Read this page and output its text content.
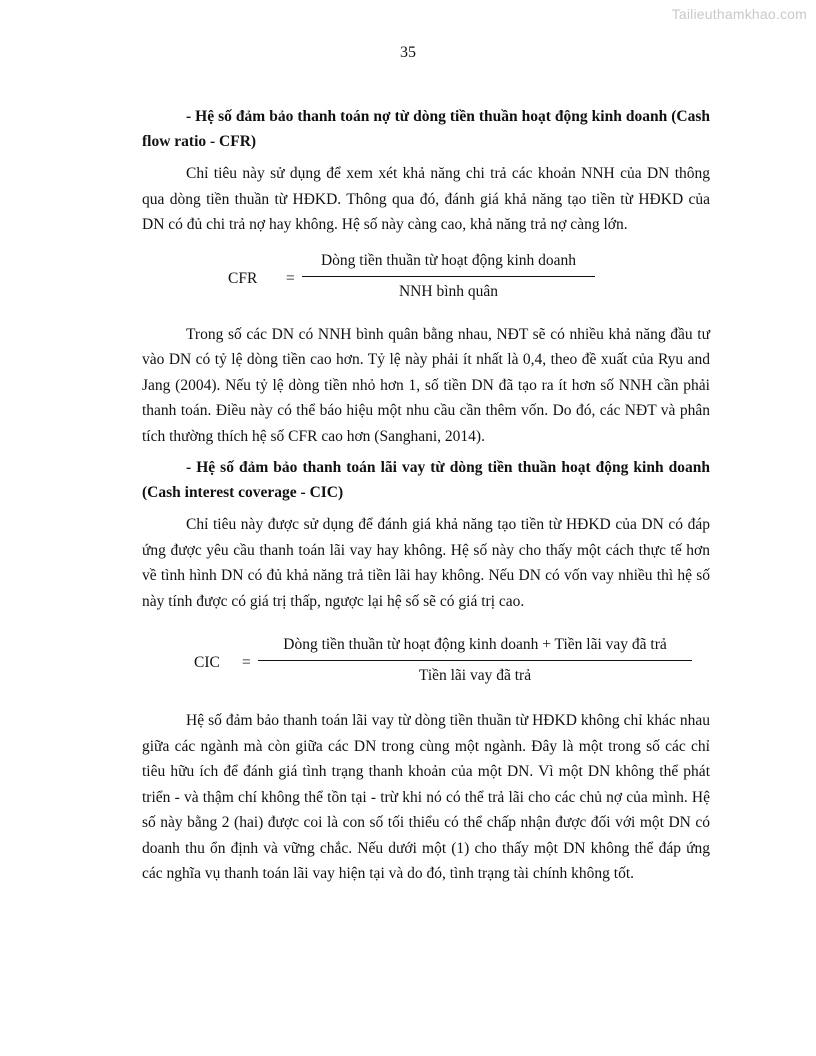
Tailieuthamkhao.com
35

- Hệ số đảm bảo thanh toán nợ từ dòng tiền thuần hoạt động kinh doanh (Cash flow ratio - CFR)

Chỉ tiêu này sử dụng để xem xét khả năng chi trả các khoản NNH của DN thông qua dòng tiền thuần từ HĐKD. Thông qua đó, đánh giá khả năng tạo tiền từ HĐKD của DN có đủ chi trả nợ hay không. Hệ số này càng cao, khả năng trả nợ càng lớn.

CFR =
Dòng tiền thuần từ hoạt động kinh doanh
NNH bình quân

Trong số các DN có NNH bình quân bằng nhau, NĐT sẽ có nhiều khả năng đầu tư vào DN có tỷ lệ dòng tiền cao hơn. Tỷ lệ này phải ít nhất là 0,4, theo đề xuất của Ryu and Jang (2004). Nếu tỷ lệ dòng tiền nhỏ hơn 1, số tiền DN đã tạo ra ít hơn số NNH cần phải thanh toán. Điều này có thể báo hiệu một nhu cầu cần thêm vốn. Do đó, các NĐT và phân tích thường thích hệ số CFR cao hơn (Sanghani, 2014).

- Hệ số đảm bảo thanh toán lãi vay từ dòng tiền thuần hoạt động kinh doanh (Cash interest coverage - CIC)

Chỉ tiêu này được sử dụng để đánh giá khả năng tạo tiền từ HĐKD của DN có đáp ứng được yêu cầu thanh toán lãi vay hay không. Hệ số này cho thấy một cách thực tế hơn về tình hình DN có đủ khả năng trả tiền lãi hay không. Nếu DN có vốn vay nhiều thì hệ số này tính được có giá trị thấp, ngược lại hệ số sẽ có giá trị cao.

CIC =
Dòng tiền thuần từ hoạt động kinh doanh + Tiền lãi vay đã trả
Tiền lãi vay đã trả

Hệ số đảm bảo thanh toán lãi vay từ dòng tiền thuần từ HĐKD không chỉ khác nhau giữa các ngành mà còn giữa các DN trong cùng một ngành. Đây là một trong số các chỉ tiêu hữu ích để đánh giá tình trạng thanh khoản của một DN. Vì một DN không thể phát triển - và thậm chí không thể tồn tại - trừ khi nó có thể trả lãi cho các chủ nợ của mình. Hệ số này bằng 2 (hai) được coi là con số tối thiểu có thể chấp nhận được đối với một DN có doanh thu ổn định và vững chắc. Nếu dưới một (1) cho thấy một DN không thể đáp ứng các nghĩa vụ thanh toán lãi vay hiện tại và do đó, tình trạng tài chính không tốt.
